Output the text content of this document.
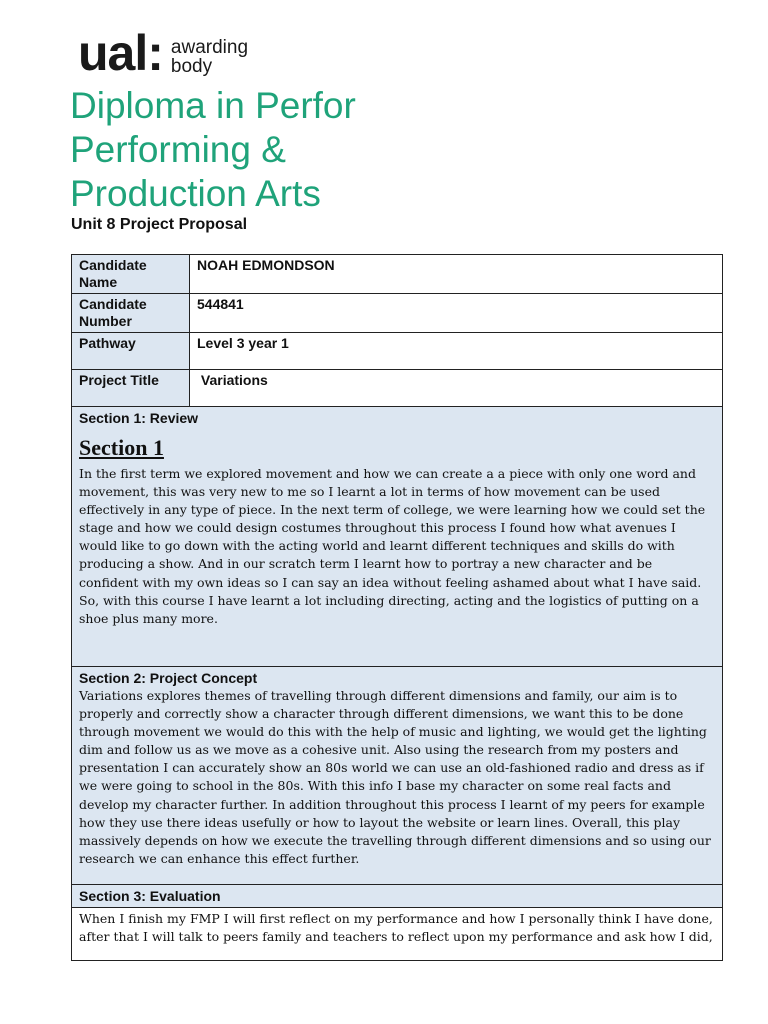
ual: awarding
body
Diploma in Perfor
Performing &
Production Arts
Unit 8 Project Proposal
Candidate Name	NOAH EDMONDSON
Candidate Number	544841
Pathway	Level 3 year 1
Project Title	Variations

Section 1: Review
Section 1
In the first term we explored movement and how we can create a a piece with only one word and movement, this was very new to me so I learnt a lot in terms of how movement can be used effectively in any type of piece. In the next term of college, we were learning how we could set the stage and how we could design costumes throughout this process I found how what avenues I would like to go down with the acting world and learnt different techniques and skills do with producing a show. And in our scratch term I learnt how to portray a new character and be confident with my own ideas so I can say an idea without feeling ashamed about what I have said. So, with this course I have learnt a lot including directing, acting and the logistics of putting on a shoe plus many more.	

Section 2: Project Concept
Variations explores themes of travelling through different dimensions and family, our aim is to properly and correctly show a character through different dimensions, we want this to be done through movement we would do this with the help of music and lighting, we would get the lighting dim and follow us as we move as a cohesive unit. Also using the research from my posters and presentation I can accurately show an 80s world we can use an old-fashioned radio and dress as if we were going to school in the 80s. With this info I base my character on some real facts and develop my character further. In addition throughout this process I learnt of my peers for example how they use there ideas usefully or how to layout the website or learn lines. Overall, this play massively depends on how we execute the travelling through different dimensions and so using our research we can enhance this effect further.	

Section 3: Evaluation	

When I finish my FMP I will first reflect on my performance and how I personally think I have done, after that I will talk to peers family and teachers to reflect upon my performance and ask how I did,	
